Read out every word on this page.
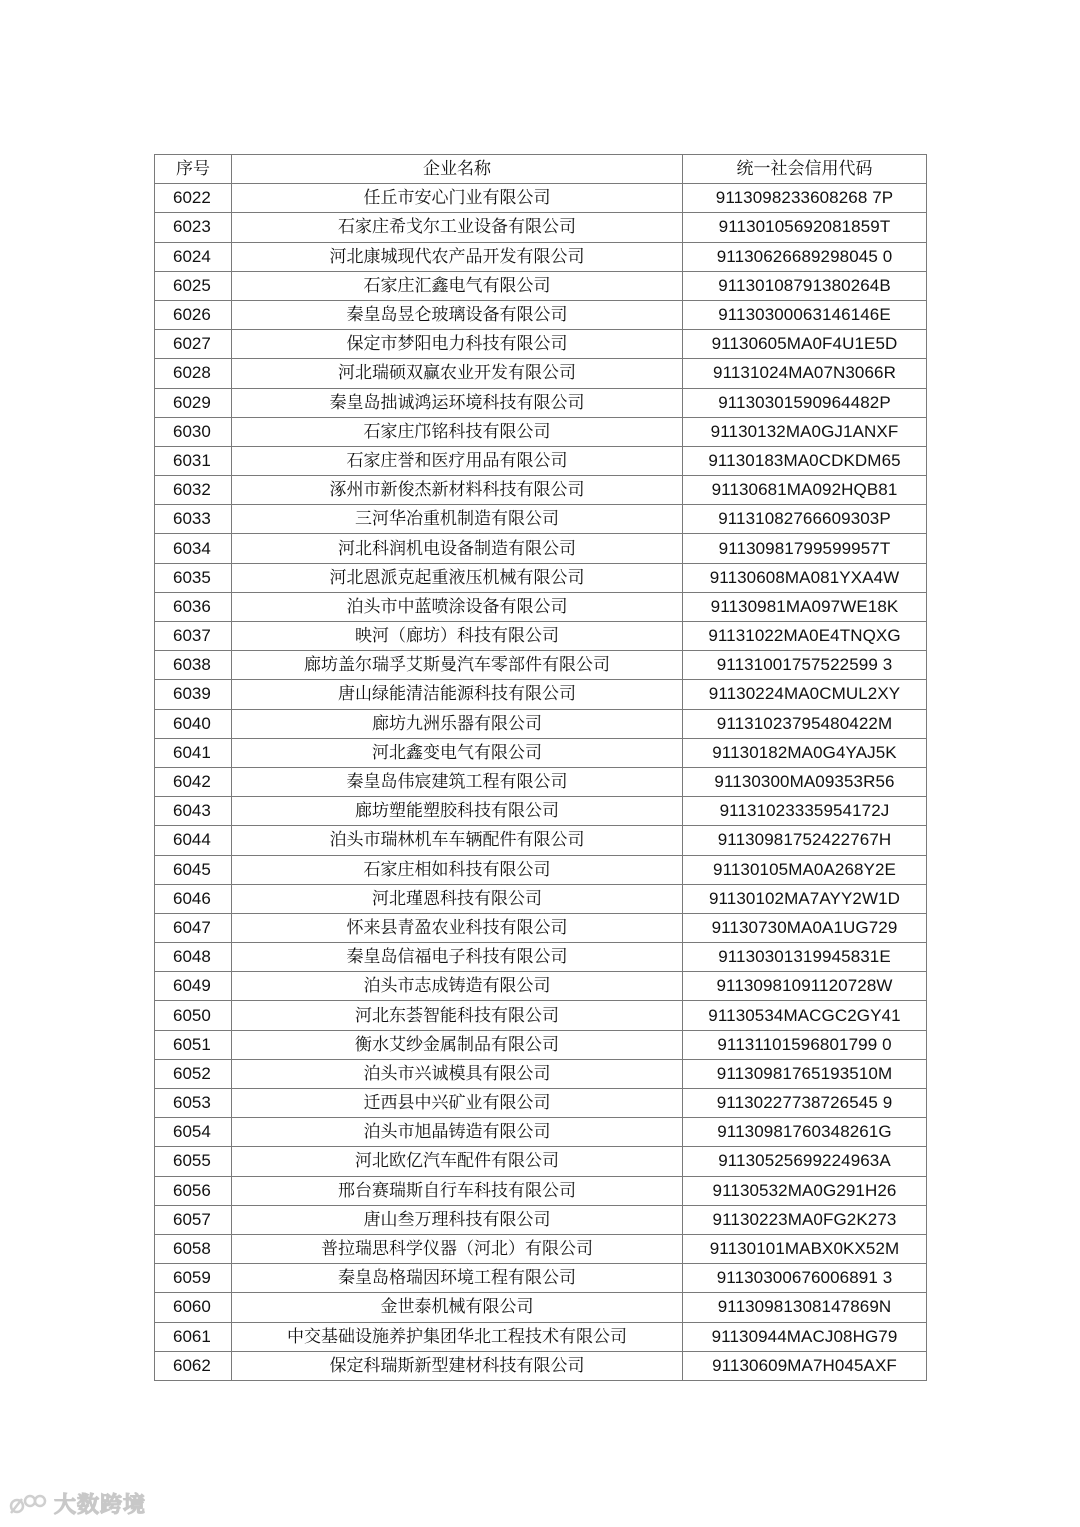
序号	企业名称	统一社会信用代码
6022	任丘市安心门业有限公司	9113098233608268 7P
6023	石家庄希戈尔工业设备有限公司	91130105692081859T
6024	河北康城现代农产品开发有限公司	91130626689298045 0
6025	石家庄汇鑫电气有限公司	91130108791380264B
6026	秦皇岛昱仑玻璃设备有限公司	91130300063146146E
6027	保定市梦阳电力科技有限公司	91130605MA0F4U1E5D
6028	河北瑞硕双赢农业开发有限公司	91131024MA07N3066R
6029	秦皇岛拙诚鸿运环境科技有限公司	91130301590964482P
6030	石家庄邝铭科技有限公司	91130132MA0GJ1ANXF
6031	石家庄誉和医疗用品有限公司	91130183MA0CDKDM65
6032	涿州市新俊杰新材料科技有限公司	91130681MA092HQB81
6033	三河华冶重机制造有限公司	91131082766609303P
6034	河北科润机电设备制造有限公司	91130981799599957T
6035	河北恩派克起重液压机械有限公司	91130608MA081YXA4W
6036	泊头市中蓝喷涂设备有限公司	91130981MA097WE18K
6037	映河（廊坊）科技有限公司	91131022MA0E4TNQXG
6038	廊坊盖尔瑞孚艾斯曼汽车零部件有限公司	91131001757522599 3
6039	唐山绿能清洁能源科技有限公司	91130224MA0CMUL2XY
6040	廊坊九洲乐器有限公司	91131023795480422M
6041	河北鑫变电气有限公司	91130182MA0G4YAJ5K
6042	秦皇岛伟宸建筑工程有限公司	91130300MA09353R56
6043	廊坊塑能塑胶科技有限公司	91131023335954172J
6044	泊头市瑞林机车车辆配件有限公司	91130981752422767H
6045	石家庄相如科技有限公司	91130105MA0A268Y2E
6046	河北瑾恩科技有限公司	91130102MA7AYY2W1D
6047	怀来县青盈农业科技有限公司	91130730MA0A1UG729
6048	秦皇岛信福电子科技有限公司	91130301319945831E
6049	泊头市志成铸造有限公司	91130981091120728W
6050	河北东荟智能科技有限公司	91130534MACGC2GY41
6051	衡水艾纱金属制品有限公司	91131101596801799 0
6052	泊头市兴诚模具有限公司	91130981765193510M
6053	迁西县中兴矿业有限公司	91130227738726545 9
6054	泊头市旭晶铸造有限公司	91130981760348261G
6055	河北欧亿汽车配件有限公司	91130525699224963A
6056	邢台赛瑞斯自行车科技有限公司	91130532MA0G291H26
6057	唐山叁万理科技有限公司	91130223MA0FG2K273
6058	普拉瑞思科学仪器（河北）有限公司	91130101MABX0KX52M
6059	秦皇岛格瑞因环境工程有限公司	91130300676006891 3
6060	金世泰机械有限公司	91130981308147869N
6061	中交基础设施养护集团华北工程技术有限公司	91130944MACJ08HG79
6062	保定科瑞斯新型建材科技有限公司	91130609MA7H045AXF
大数跨境
